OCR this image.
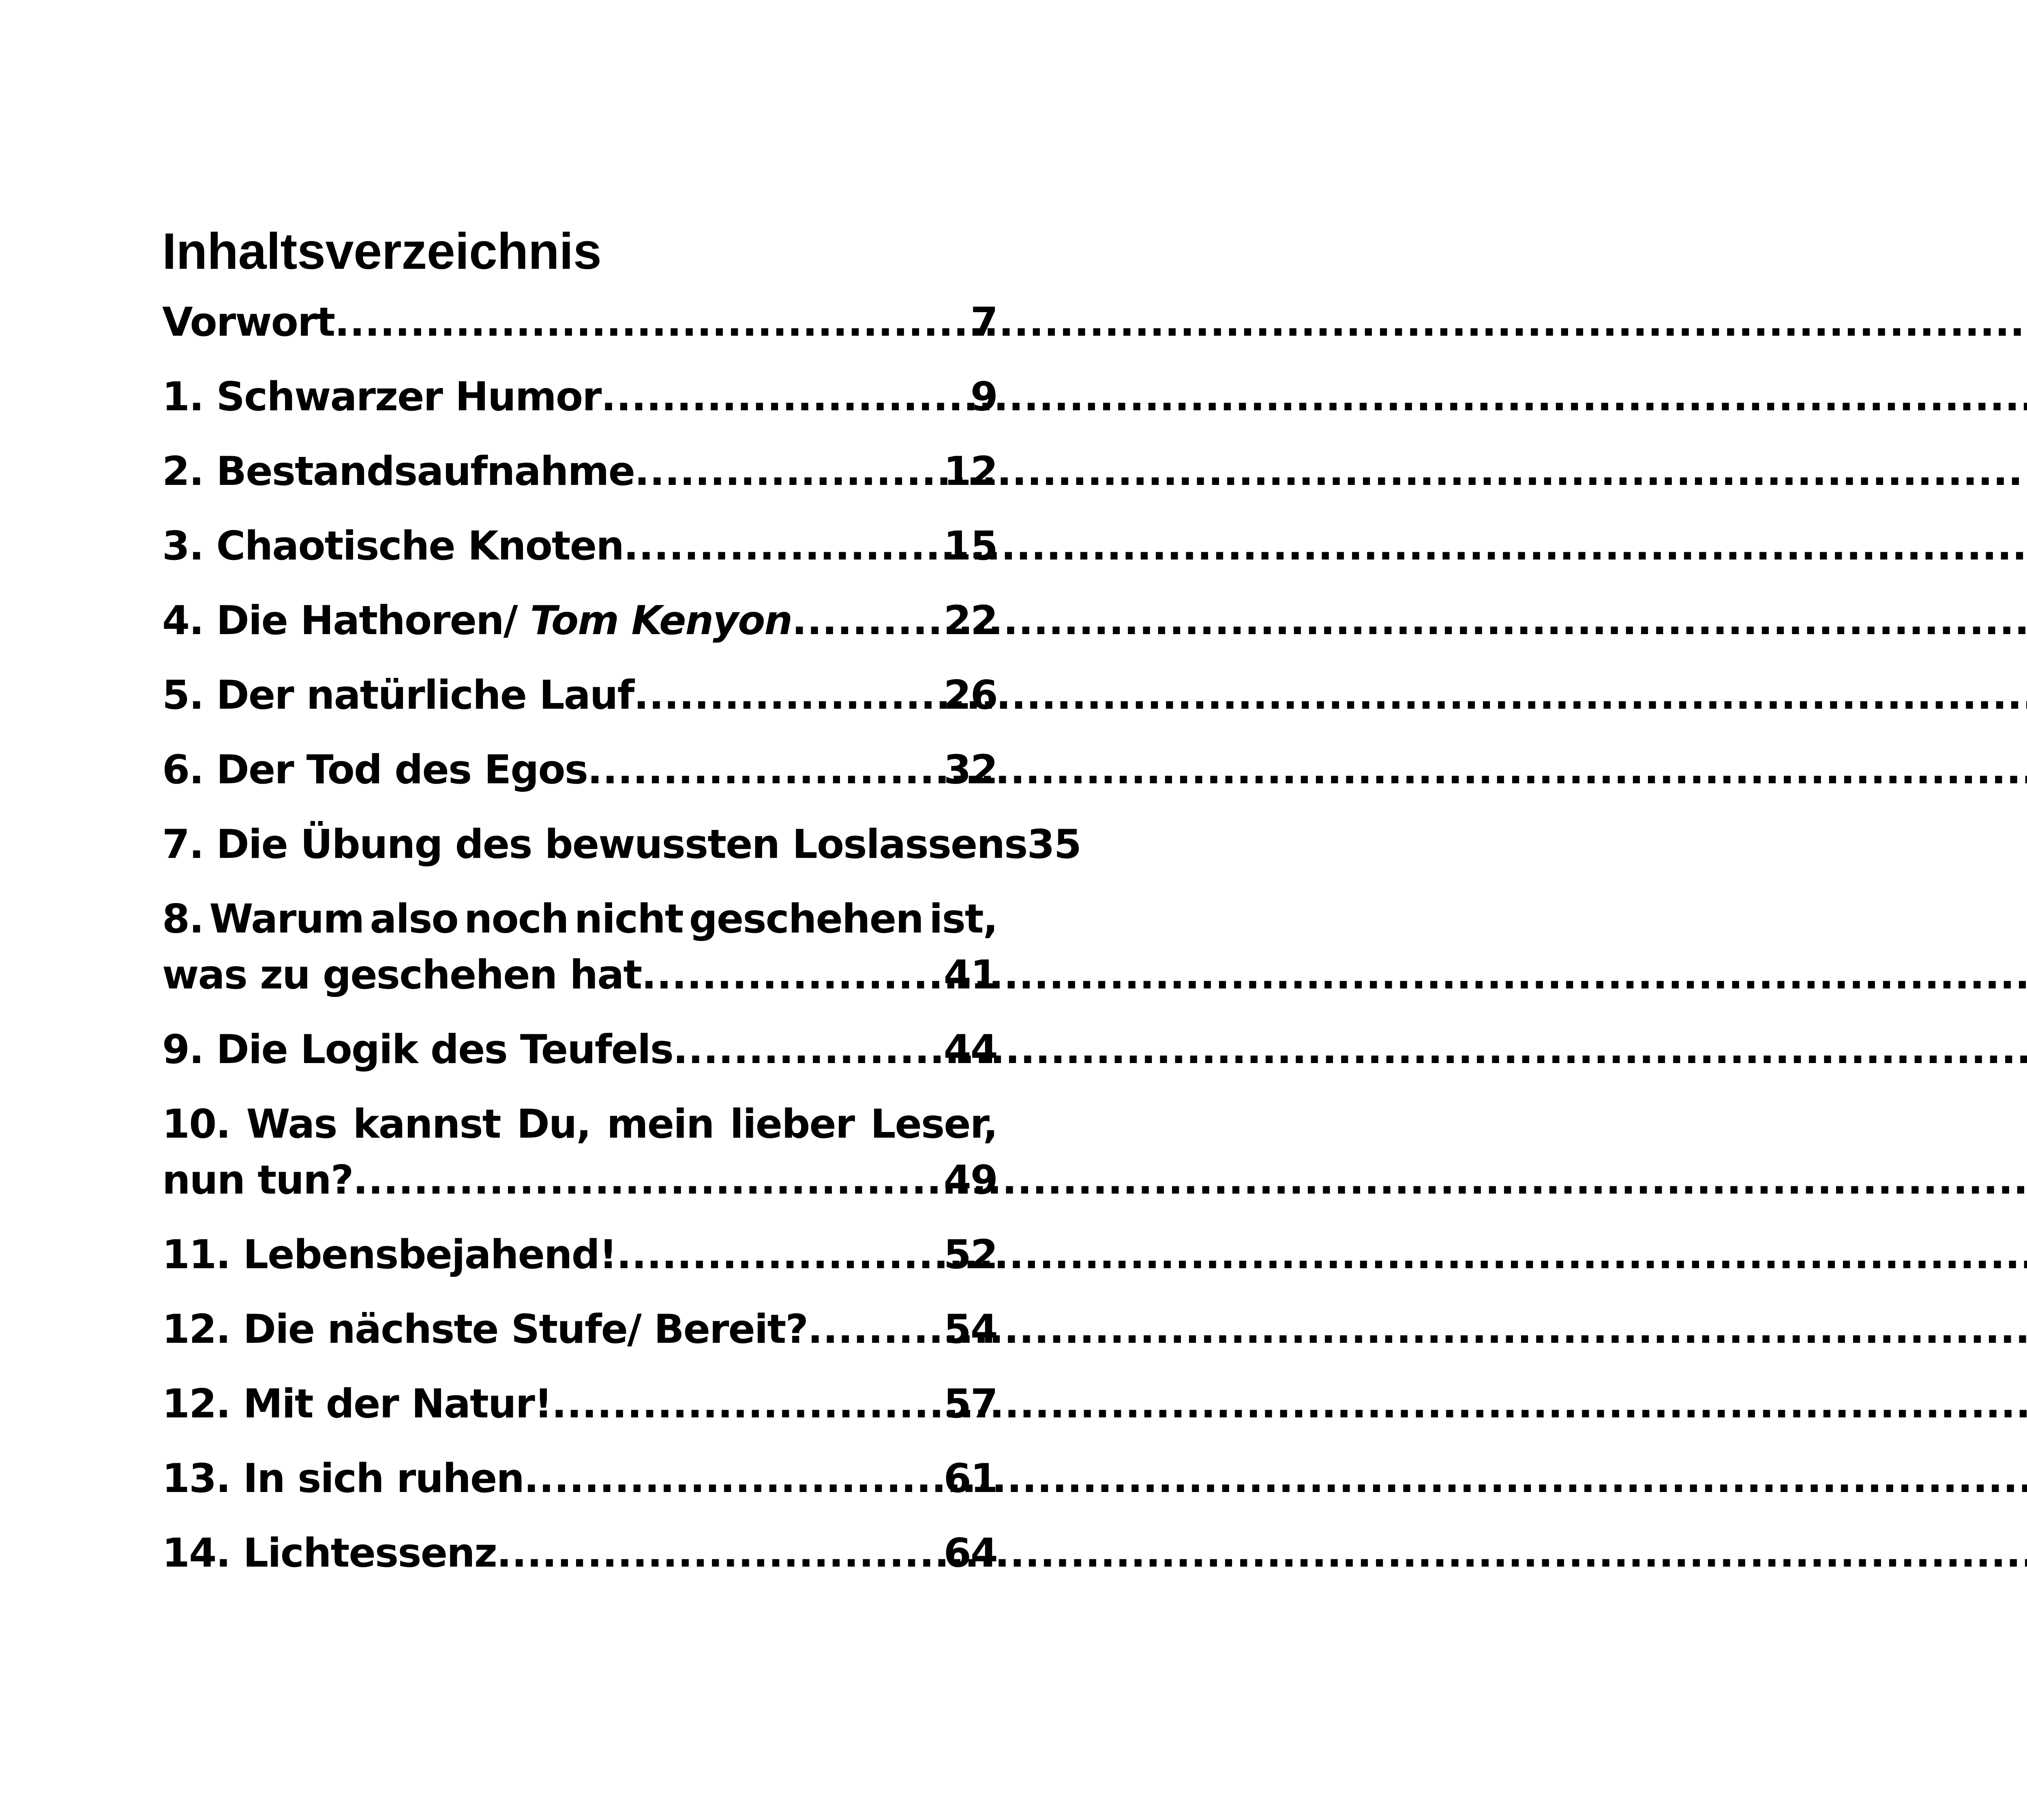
Inhaltsverzeichnis
Vorwort .....	7
1. Schwarzer Humor .....	9
2. Bestandsaufnahme .....	12
3. Chaotische Knoten .....	15
4. Die Hathoren/ Tom Kenyon .....	22
5. Der natürliche Lauf .....	26
6. Der Tod des Egos .....	32
7. Die Übung des bewussten Loslassens 35
8. Warum also noch nicht geschehen ist,
was zu geschehen hat .....	41
9. Die Logik des Teufels .....	44
10. Was kannst Du, mein lieber Leser,
nun tun? .....	49
11. Lebensbejahend! .....	52
12. Die nächste Stufe/ Bereit? .....	54
12. Mit der Natur! .....	57
13. In sich ruhen .....	61
14. Lichtessenz .....	64
